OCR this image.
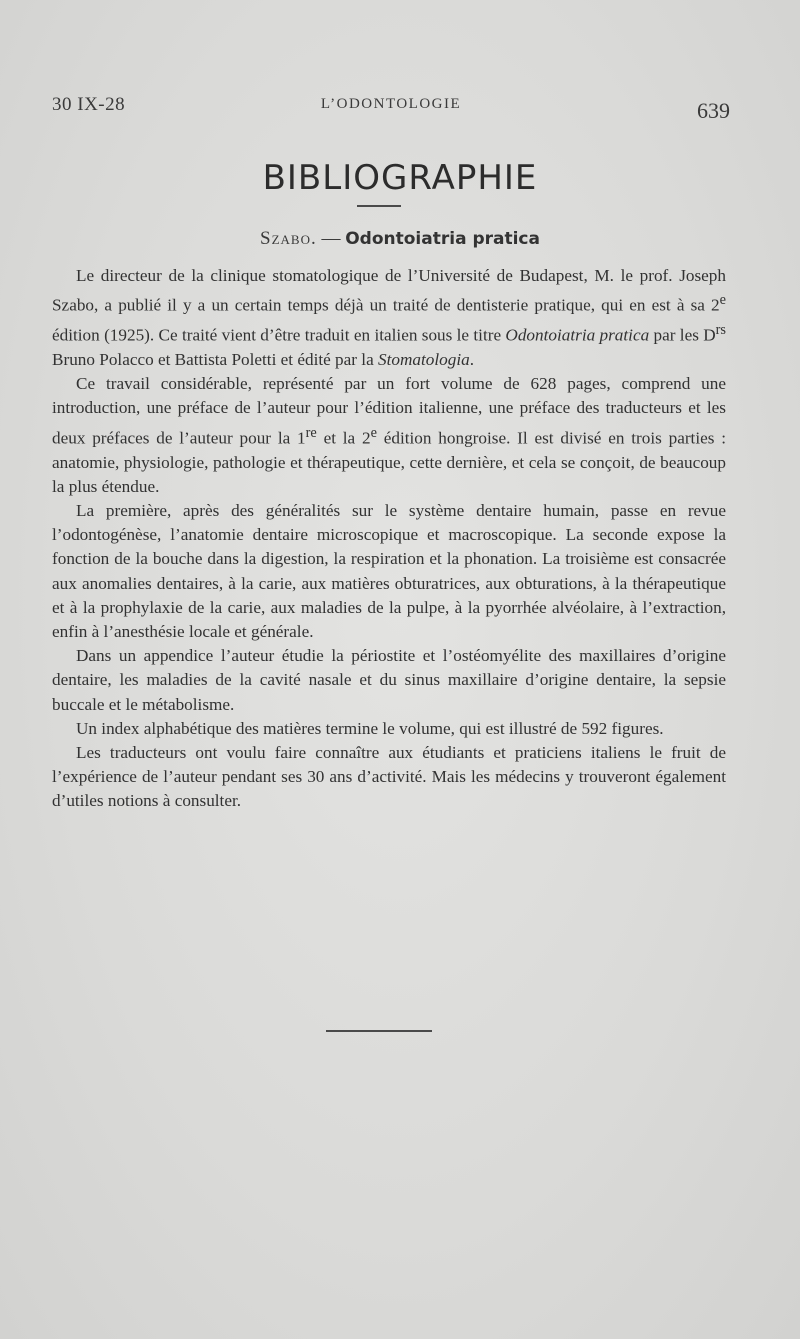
30 IX-28	L’ODONTOLOGIE	639
BIBLIOGRAPHIE
Szabo. — Odontoiatria pratica

Le directeur de la clinique stomatologique de l’Université de Budapest, M. le prof. Joseph Szabo, a publié il y a un certain temps déjà un traité de dentisterie pratique, qui en est à sa 2e édition (1925). Ce traité vient d’être traduit en italien sous le titre Odontoiatria pratica par les $D^{rs}$ Bruno Polacco et Battista Poletti et édité par la Stomatologia.

Ce travail considérable, représenté par un fort volume de 628 pages, comprend une introduction, une préface de l’auteur pour l’édition italienne, une préface des traducteurs et les deux préfaces de l’auteur pour la 1re et la 2e édition hongroise. Il est divisé en trois parties : anatomie, physiologie, pathologie et thérapeutique, cette dernière, et cela se conçoit, de beaucoup la plus étendue.

La première, après des généralités sur le système dentaire humain, passe en revue l’odontogénèse, l’anatomie dentaire microscopique et macroscopique. La seconde expose la fonction de la bouche dans la digestion, la respiration et la phonation. La troisième est consacrée aux anomalies dentaires, à la carie, aux matières obturatrices, aux obturations, à la thérapeutique et à la prophylaxie de la carie, aux maladies de la pulpe, à la pyorrhée alvéolaire, à l’extraction, enfin à l’anesthésie locale et générale.

Dans un appendice l’auteur étudie la périostite et l’ostéomyélite des maxillaires d’origine dentaire, les maladies de la cavité nasale et du sinus maxillaire d’origine dentaire, la sepsie buccale et le métabolisme.

Un index alphabétique des matières termine le volume, qui est illustré de 592 figures.

Les traducteurs ont voulu faire connaître aux étudiants et praticiens italiens le fruit de l’expérience de l’auteur pendant ses 30 ans d’activité. Mais les médecins y trouveront également d’utiles notions à consulter.
